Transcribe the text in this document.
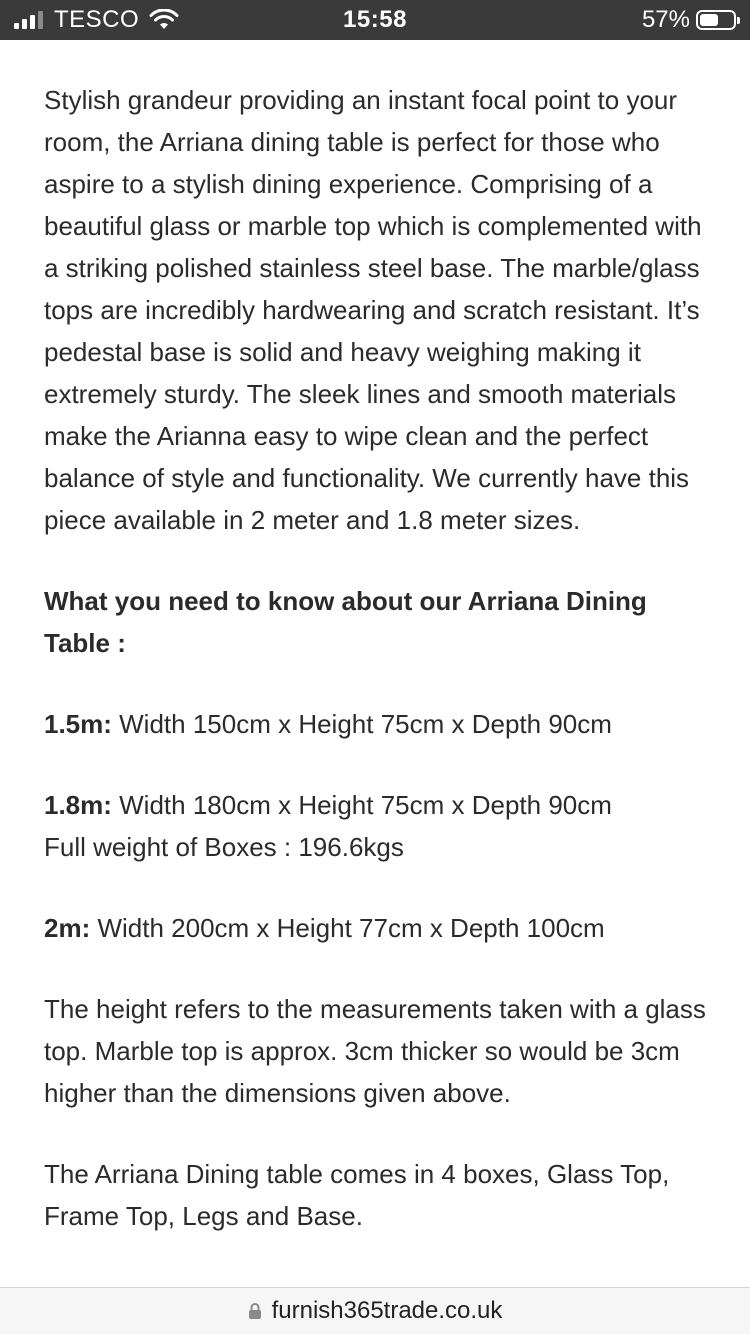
TESCO	15:58	57%

Stylish grandeur providing an instant focal point to your room, the Arriana dining table is perfect for those who aspire to a stylish dining experience. Comprising of a beautiful glass or marble top which is complemented with a striking polished stainless steel base. The marble/glass tops are incredibly hardwearing and scratch resistant. It’s pedestal base is solid and heavy weighing making it extremely sturdy. The sleek lines and smooth materials make the Arianna easy to wipe clean and the perfect balance of style and functionality. We currently have this piece available in 2 meter and 1.8 meter sizes.

What you need to know about our Arriana Dining Table :

1.5m: Width 150cm x Height 75cm x Depth 90cm

1.8m: Width 180cm x Height 75cm x Depth 90cm
Full weight of Boxes : 196.6kgs

2m: Width 200cm x Height 77cm x Depth 100cm

The height refers to the measurements taken with a glass top. Marble top is approx. 3cm thicker so would be 3cm higher than the dimensions given above.

The Arriana Dining table comes in 4 boxes, Glass Top, Frame Top, Legs and Base.

furnish365trade.co.uk
